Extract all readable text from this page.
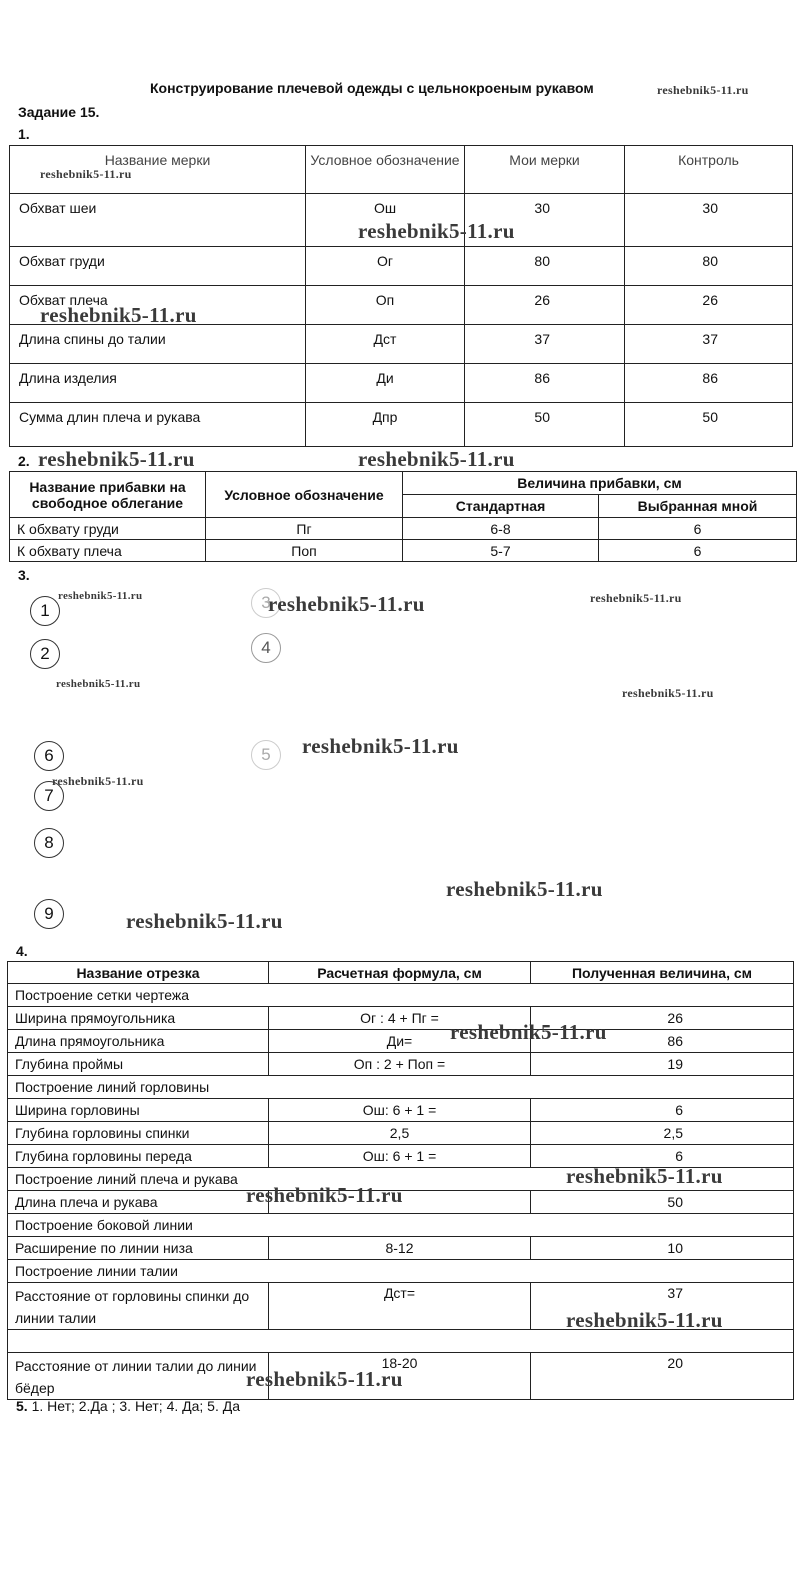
Конструирование плечевой одежды с цельнокроеным рукавом	reshebnik5-11.ru
Задание 15.
1.
Название мерки	Условное обозначение	Мои мерки	Контроль
Обхват шеи	Ош	30	30
Обхват груди	Ог	80	80
Обхват плеча	Оп	26	26
Длина спины до талии	Дст	37	37
Длина изделия	Ди	86	86
Сумма длин плеча и рукава	Дпр	50	50
reshebnik5-11.ru
reshebnik5-11.ru
reshebnik5-11.ru
2. reshebnik5-11.ru	reshebnik5-11.ru
Название прибавки на свободное облегание	Условное обозначение	Величина прибавки, см	
		Стандартная	Выбранная мной
К обхвату груди	Пг	6-8	6
К обхвату плеча	Поп	5-7	6
3.
1
2
3
4
5
6
7
8
9
reshebnik5-11.ru	reshebnik5-11.ru	reshebnik5-11.ru
reshebnik5-11.ru
reshebnik5-11.ru
reshebnik5-11.ru
reshebnik5-11.ru
reshebnik5-11.ru
reshebnik5-11.ru
4.
Название отрезка	Расчетная формула, см	Полученная величина, см
Построение сетки чертежа		
Ширина прямоугольника	Ог : 4 + Пг =	26
Длина прямоугольника	Ди=	86
Глубина проймы	Оп : 2 + Поп =	19
Построение линий горловины		
Ширина горловины	Ош: 6 + 1 =	6
Глубина горловины спинки	2,5	2,5
Глубина горловины переда	Ош: 6 + 1 =	6
Построение линий плеча и рукава		
Длина плеча и рукава		50
Построение боковой линии		
Расширение по линии низа	8-12	10
Построение линии талии		
Расстояние от горловины спинки до линии талии	Дст=	37

Расстояние от линии талии до линии бёдер	18-20	20
reshebnik5-11.ru
reshebnik5-11.ru
reshebnik5-11.ru
reshebnik5-11.ru
reshebnik5-11.ru
5. 1. Нет; 2.Да ; 3. Нет; 4. Да; 5. Да
